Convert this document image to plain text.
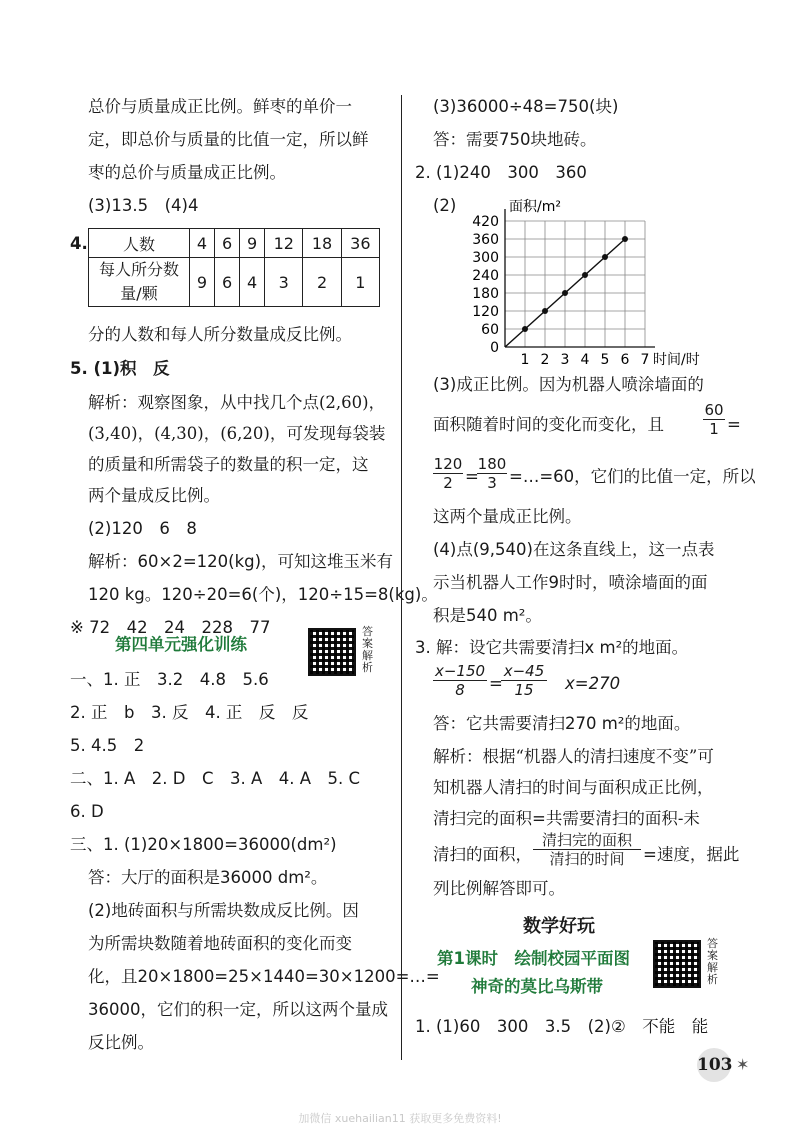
总价与质量成正比例。鲜枣的单价一
定，即总价与质量的比值一定，所以鲜
枣的总价与质量成正比例。
(3)13.5　(4)4
4. 人数	4	6	9	12	18	36
每人所分数量/颗	9	6	4	3	2	1
分的人数和每人所分数量成反比例。
5. (1)积　反
解析：观察图象，从中找几个点(2,60)，
(3,40)，(4,30)，(6,20)，可发现每袋装
的质量和所需袋子的数量的积一定，这
两个量成反比例。
(2)120　6　8
解析：60×2=120(kg)，可知这堆玉米有
120 kg。120÷20=6(个)，120÷15=8(kg)。
※ 72　42　24　228　77
第四单元强化训练
答案解析
一、1. 正　3.2　4.8　5.6
2. 正　b　3. 反　4. 正　反　反
5. 4.5　2
二、1. A　2. D　C　3. A　4. A　5. C
6. D
三、1. (1)20×1800=36000(dm²)
答：大厅的面积是36000 dm²。
(2)地砖面积与所需块数成反比例。因
为所需块数随着地砖面积的变化而变
化，且20×1800=25×1440=30×1200=…=
36000，它们的积一定，所以这两个量成
反比例。
(3)36000÷48=750(块)
答：需要750块地砖。
2. (1)240　300　360
(2)
1 2 3 4 5 6 7
60
120
180
240
300
360
420
0
面积/m²
时间/时
(3)成正比例。因为机器人喷涂墙面的
面积随着时间的变化而变化，且	$\frac{60}{1}$ =
$\frac{120}{2}$ =
$\frac{180}{3}$ =…=60，它们的比值一定，所以
这两个量成正比例。
(4)点(9,540)在这条直线上，这一点表
示当机器人工作9时时，喷涂墙面的面
积是540 m²。
3. 解：设它共需要清扫x m²的地面。
$\frac{x-150}{8}$ =
$\frac{x-45}{15} x=270$
答：它共需要清扫270 m²的地面。
解析：根据“机器人的清扫速度不变”可
知机器人清扫的时间与面积成正比例，
清扫完的面积=共需要清扫的面积-未
清扫的面积，
清扫完的面积
清扫的时间	=速度，据此
列比例解答即可。
数学好玩
第1课时　绘制校园平面图
神奇的莫比乌斯带
答案解析
1. (1)60　300　3.5　(2)②　不能　能
103 ✶
加微信 xuehailian11 获取更多免费资料!
